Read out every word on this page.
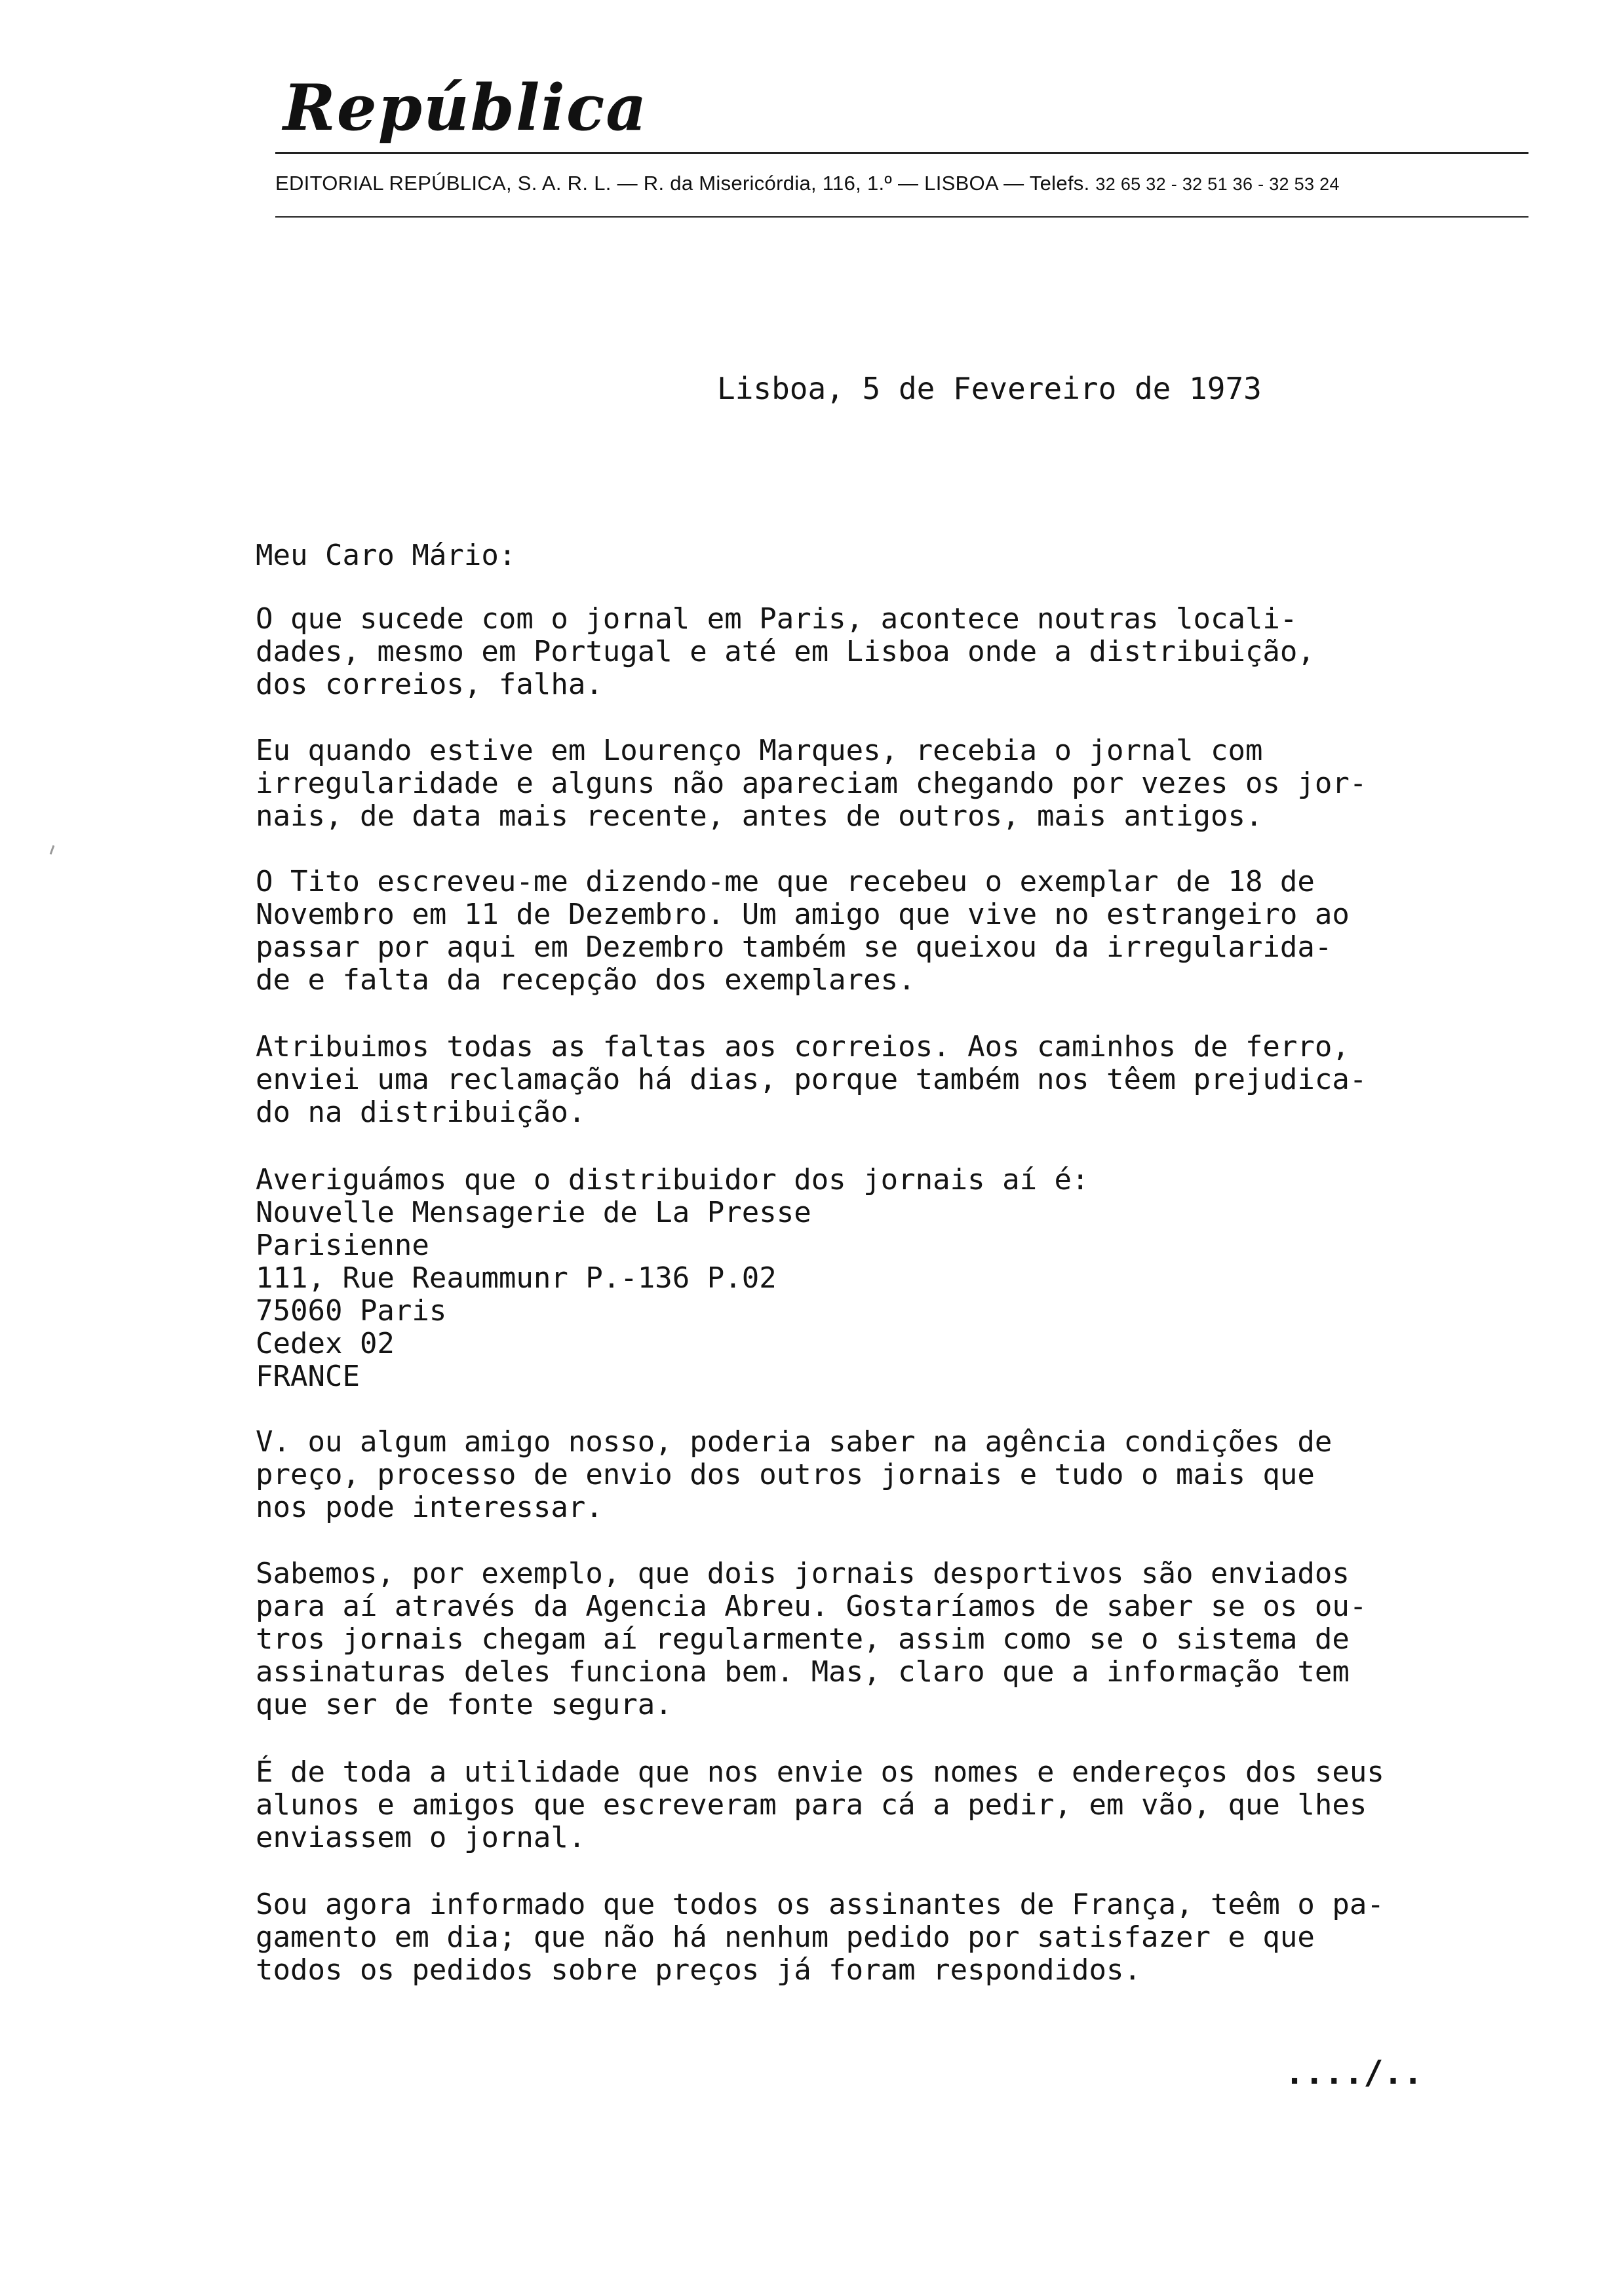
República
EDITORIAL REPÚBLICA, S. A. R. L. — R. da Misericórdia, 116, 1.º — LISBOA — Telefs. 32 65 32 - 32 51 36 - 32 53 24
Lisboa, 5 de Fevereiro de 1973
Meu Caro Mário:
O que sucede com o jornal em Paris, acontece noutras locali-
dades, mesmo em Portugal e até em Lisboa onde a distribuição,
dos correios, falha.
Eu quando estive em Lourenço Marques, recebia o jornal com
irregularidade e alguns não apareciam chegando por vezes os jor-
nais, de data mais recente, antes de outros, mais antigos.
O Tito escreveu-me dizendo-me que recebeu o exemplar de 18 de
Novembro em 11 de Dezembro. Um amigo que vive no estrangeiro ao
passar por aqui em Dezembro também se queixou da irregularida-
de e falta da recepção dos exemplares.
Atribuimos todas as faltas aos correios. Aos caminhos de ferro,
enviei uma reclamação há dias, porque também nos têem prejudica-
do na distribuição.
Averiguámos que o distribuidor dos jornais aí é:
Nouvelle Mensagerie de La Presse
Parisienne
111, Rue Reaummunr P.-136 P.02
75060 Paris
Cedex 02
FRANCE
V. ou algum amigo nosso, poderia saber na agência condições de
preço, processo de envio dos outros jornais e tudo o mais que
nos pode interessar.
Sabemos, por exemplo, que dois jornais desportivos são enviados
para aí através da Agencia Abreu. Gostaríamos de saber se os ou-
tros jornais chegam aí regularmente, assim como se o sistema de
assinaturas deles funciona bem. Mas, claro que a informação tem
que ser de fonte segura.
É de toda a utilidade que nos envie os nomes e endereços dos seus
alunos e amigos que escreveram para cá a pedir, em vão, que lhes
enviassem o jornal.
Sou agora informado que todos os assinantes de França, teêm o pa-
gamento em dia; que não há nenhum pedido por satisfazer e que
todos os pedidos sobre preços já foram respondidos.
..../..
